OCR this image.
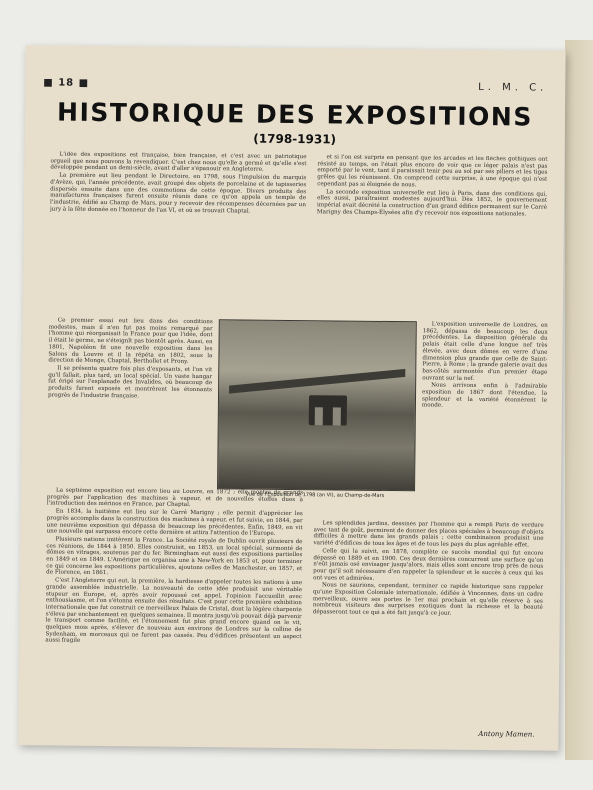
■ 18 ■	L. M. C.
HISTORIQUE DES EXPOSITIONS
(1798-1931)

L'idée des expositions est française, bien française, et c'est avec un patriotique orgueil que nous pouvons la revendiquer. C'est chez nous qu'elle a germé et qu'elle s'est développée pendant un demi-siècle, avant d'aller s'épanouir en Angleterre.

La première eut lieu pendant le Directoire, en 1798, sous l'impulsion du marquis d'Avèze, qui, l'année précédente, avait groupé des objets de porcelaine et de tapisseries dispersés ensuite dans une des commotions de cette époque. Divers produits des manufactures françaises furent ensuite réunis dans ce qu'on appela un temple de l'industrie, édifié au Champ de Mars, pour y recevoir des récompenses décernées par un jury à la fête donnée en l'honneur de l'an VI, et où se trouvait Chaptal.

et si l'on est surpris en pensant que les arcades et les flèches gothiques ont résisté au temps, on l'était plus encore de voir que ce léger palais n'est pas emporté par le vent, tant il paraissait tenir peu au sol par ses piliers et les tiges grêles qui les réunissent. On comprend cette surprise, à une époque qui n'est cependant pas si éloignée de nous.

La seconde exposition universelle eut lieu à Paris, dans des conditions qui, elles aussi, paraîtraient modestes aujourd'hui. Dès 1852, le gouvernement impérial avait décrété la construction d'un grand édifice permanent sur le Carré Marigny des Champs-Élysées afin d'y recevoir nos expositions nationales.

Ce premier essai eut lieu dans des conditions modestes, mais il n'en fut pas moins remarqué par l'homme qui réorganisait la France pour que l'idée, dont il était le germe, ne s'éteignît pas bientôt après. Aussi, en 1801, Napoléon fit une nouvelle exposition dans les Salons du Louvre et il la répéta en 1802, sous la direction de Monge, Chaptal, Berthollet et Prony.

Il se présenta quatre fois plus d'exposants, et l'on vit qu'il fallait, plus tard, un local spécial. Un vaste hangar fut érigé sur l'esplanade des Invalides, où beaucoup de produits furent exposés et montrèrent les étonnants progrès de l'industrie française.

Vue de l'Exposition de 1798 (an VI), au Champ-de-Mars

L'exposition universelle de Londres, en 1862, dépassa de beaucoup les deux précédentes. La disposition générale du palais était celle d'une longue nef très élevée, avec deux dômes en verre d'une dimension plus grande que celle de Saint-Pierre, à Rome ; la grande galerie avait des bas-côtés surmontés d'un premier étage ouvrant sur la nef.

Nous arrivons enfin à l'admirable exposition de 1867 dont l'étendue, la splendeur et la variété étonnèrent le monde.

La septième exposition eut encore lieu au Louvre, en 1872 ; elle montra de grands progrès par l'application des machines à vapeur, et de nouvelles étoffes dues à l'introduction des mérinos en France, par Chaptal.

En 1834, la huitième eut lieu sur le Carré Marigny ; elle permit d'apprécier les progrès accomplis dans la construction des machines à vapeur, et fut suivie, en 1844, par une neuvième exposition qui dépassa de beaucoup les précédentes. Enfin, 1849, en vit une nouvelle qui surpassa encore cette dernière et attira l'attention de l'Europe.

Plusieurs nations imitèrent la France. La Société royale de Dublin ouvrit plusieurs de ces réunions, de 1844 à 1850. Elles construisit, en 1853, un local spécial, surmonté de dômes en vitrages, soutenus par du fer. Birmingham eut aussi des expositions partielles en 1849 et en 1849. L'Amérique en organisa une à New-York en 1853 et, pour terminer ce qui concerne les expositions particulières, ajoutons celles de Manchester, en 1857, et de Florence, en 1861.

C'est l'Angleterre qui eut, la première, la hardiesse d'appeler toutes les nations à une grande assemblée industrielle. La nouveauté de cette idée produisit une véritable stupeur en Europe, et, après avoir repoussé cet appel, l'opinion l'accueillit avec enthousiasme, et l'on s'étonna ensuite des résultats. C'est pour cette première exhibition internationale que fut construit ce merveilleux Palais de Cristal, dont la légère charpente s'éleva par enchantement en quelques semaines. Il montra jusqu'où pouvait déjà parvenir le transport comme facilité, et l'étonnement fut plus grand encore quand on le vit, quelques mois après, s'élever de nouveau aux environs de Londres sur la colline de Sydenham, en morceaux qui ne furent pas cassés. Peu d'édifices présentent un aspect aussi fragile

Les splendides jardins, dessinés par l'homme qui a rempli Paris de verdure avec tant de goût, permirent de donner des places spéciales à beaucoup d'objets difficiles à mettre dans les grands palais ; cette combinaison produisit une variété d'édifices de tous les âges et de tous les pays du plus agréable effet.

Celle qui la suivit, en 1878, complète ce succès mondial qui fut encore dépassé en 1889 et en 1900. Ces deux dernières concurrent une surface qu'on n'eût jamais osé envisager jusqu'alors, mais elles sont encore trop près de nous pour qu'il soit nécessaire d'en rappeler la splendeur et le succès à ceux qui les ont vues et admirées.

Nous ne saurions, cependant, terminer ce rapide historique sans rappeler qu'une Exposition Coloniale internationale, édifiée à Vincennes, dans un cadre merveilleux, ouvre ses portes le 1er mai prochain et qu'elle réserve à ses nombreux visiteurs des surprises exotiques dont la richesse et la beauté dépasseront tout ce qui a été fait jusqu'à ce jour.

Antony Mamen.
